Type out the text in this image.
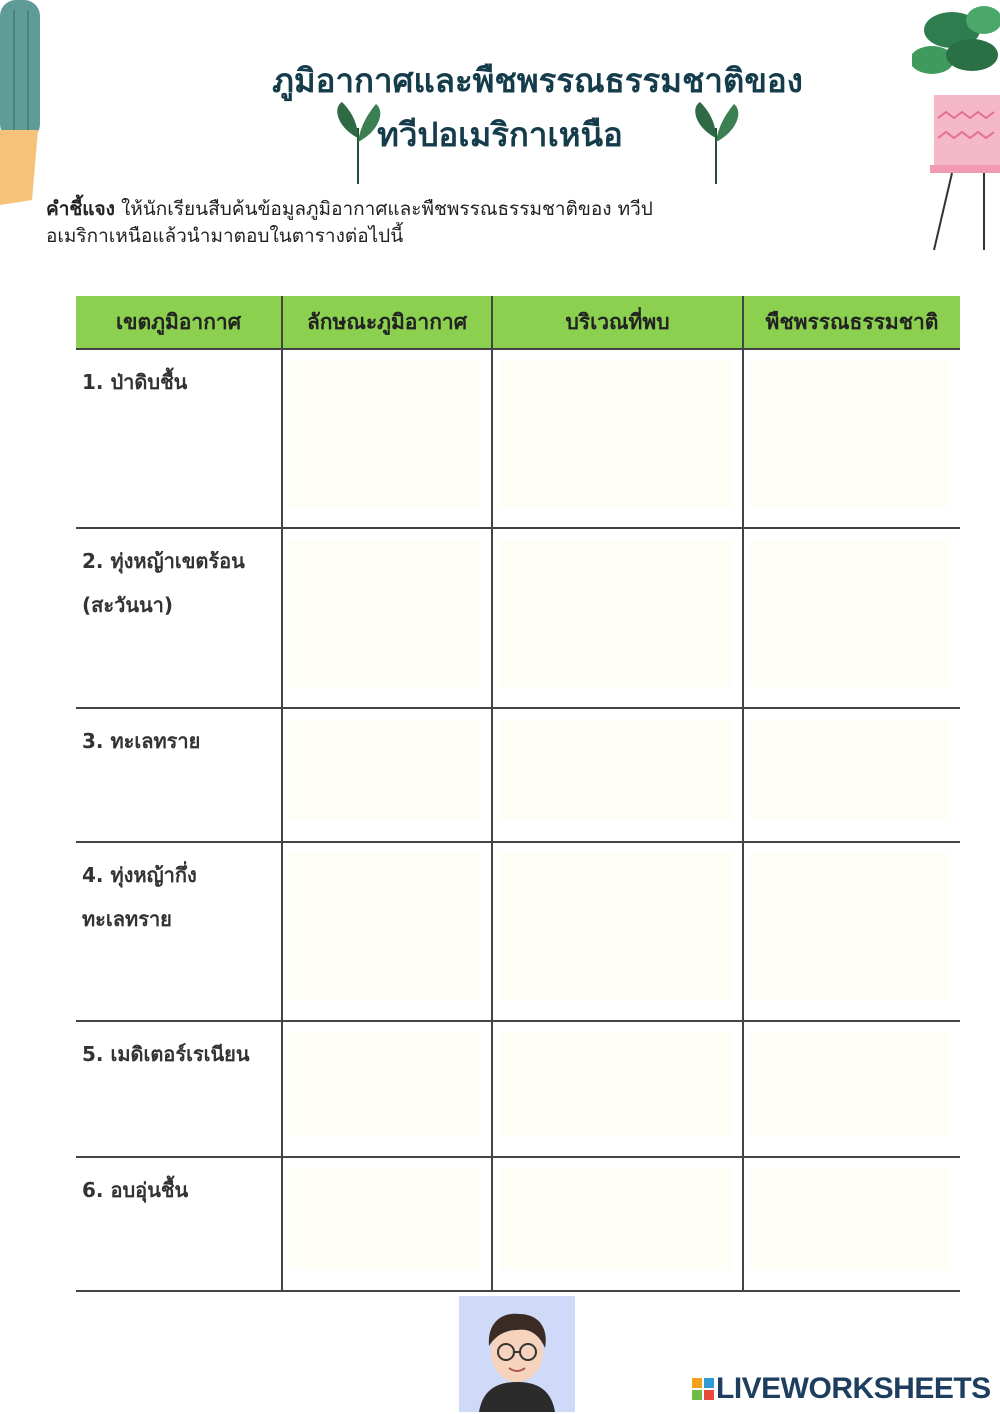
ภูมิอากาศและพืชพรรณธรรมชาติของ
ทวีปอเมริกาเหนือ
คำชี้แจง ให้นักเรียนสืบค้นข้อมูลภูมิอากาศและพืชพรรณธรรมชาติของ ทวีปอเมริกาเหนือแล้วนำมาตอบในตารางต่อไปนี้
เขตภูมิอากาศ	ลักษณะภูมิอากาศ	บริเวณที่พบ	พืชพรรณธรรมชาติ

1. ป่าดิบชื้น			

2. ทุ่งหญ้าเขตร้อน
(สะวันนา)			

3. ทะเลทราย			

4. ทุ่งหญ้ากึ่ง
ทะเลทราย			

5. เมดิเตอร์เรเนียน			

6. อบอุ่นชื้น			

LIVEWORKSHEETS
